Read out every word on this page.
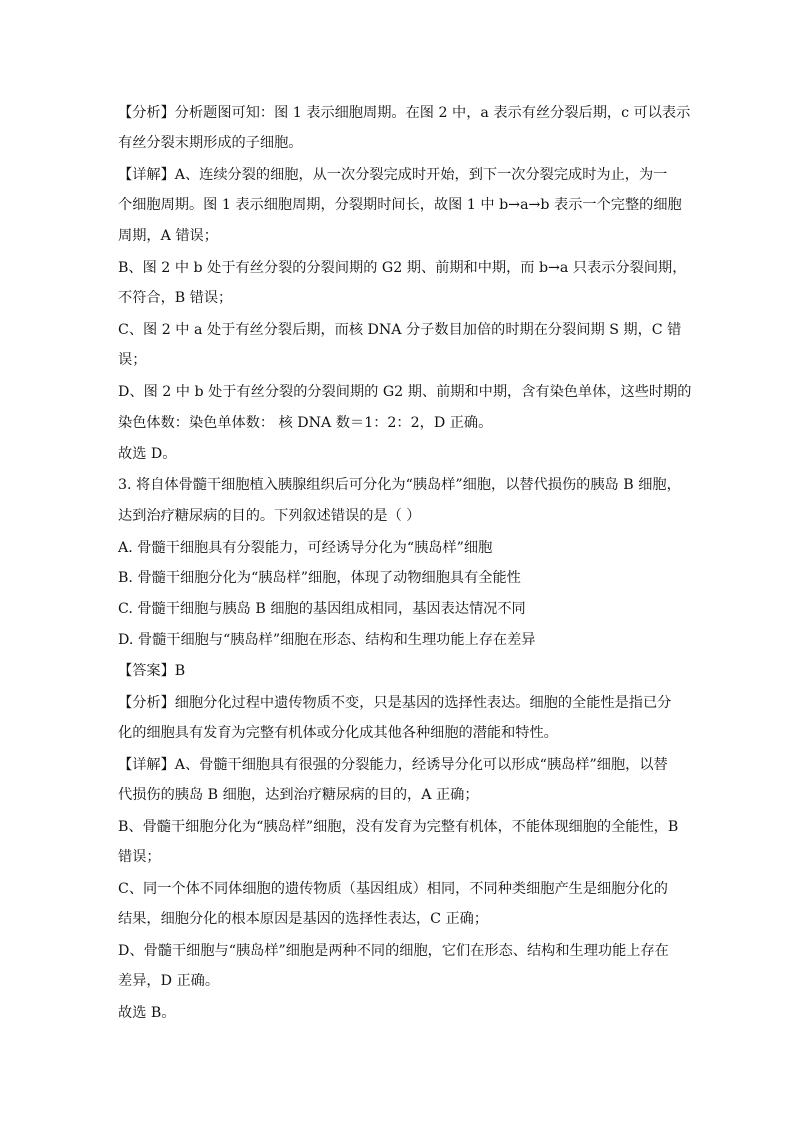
【分析】分析题图可知：图 1 表示细胞周期。在图 2 中，a 表示有丝分裂后期，c 可以表示
有丝分裂末期形成的子细胞。
【详解】A、连续分裂的细胞，从一次分裂完成时开始，到下一次分裂完成时为止，为一
个细胞周期。图 1 表示细胞周期，分裂期时间长，故图 1 中 b→a→b 表示一个完整的细胞
周期，A 错误；
B、图 2 中 b 处于有丝分裂的分裂间期的 G2 期、前期和中期，而 b→a 只表示分裂间期，
不符合，B 错误；
C、图 2 中 a 处于有丝分裂后期，而核 DNA 分子数目加倍的时期在分裂间期 S 期，C 错
误；
D、图 2 中 b 处于有丝分裂的分裂间期的 G2 期、前期和中期，含有染色单体，这些时期的
染色体数：染色单体数： 核 DNA 数＝1：2：2，D 正确。
故选 D。
3. 将自体骨髓干细胞植入胰腺组织后可分化为“胰岛样”细胞，以替代损伤的胰岛 B 细胞，
达到治疗糖尿病的目的。下列叙述错误的是（ ）
A. 骨髓干细胞具有分裂能力，可经诱导分化为“胰岛样”细胞
B. 骨髓干细胞分化为“胰岛样”细胞，体现了动物细胞具有全能性
C. 骨髓干细胞与胰岛 B 细胞的基因组成相同，基因表达情况不同
D. 骨髓干细胞与“胰岛样”细胞在形态、结构和生理功能上存在差异
【答案】B
【分析】细胞分化过程中遗传物质不变，只是基因的选择性表达。细胞的全能性是指已分
化的细胞具有发育为完整有机体或分化成其他各种细胞的潜能和特性。
【详解】A、骨髓干细胞具有很强的分裂能力，经诱导分化可以形成“胰岛样”细胞，以替
代损伤的胰岛 B 细胞，达到治疗糖尿病的目的，A 正确；
B、骨髓干细胞分化为“胰岛样”细胞，没有发育为完整有机体，不能体现细胞的全能性，B
错误；
C、同一个体不同体细胞的遗传物质（基因组成）相同，不同种类细胞产生是细胞分化的
结果，细胞分化的根本原因是基因的选择性表达，C 正确；
D、骨髓干细胞与“胰岛样”细胞是两种不同的细胞，它们在形态、结构和生理功能上存在
差异，D 正确。
故选 B。
